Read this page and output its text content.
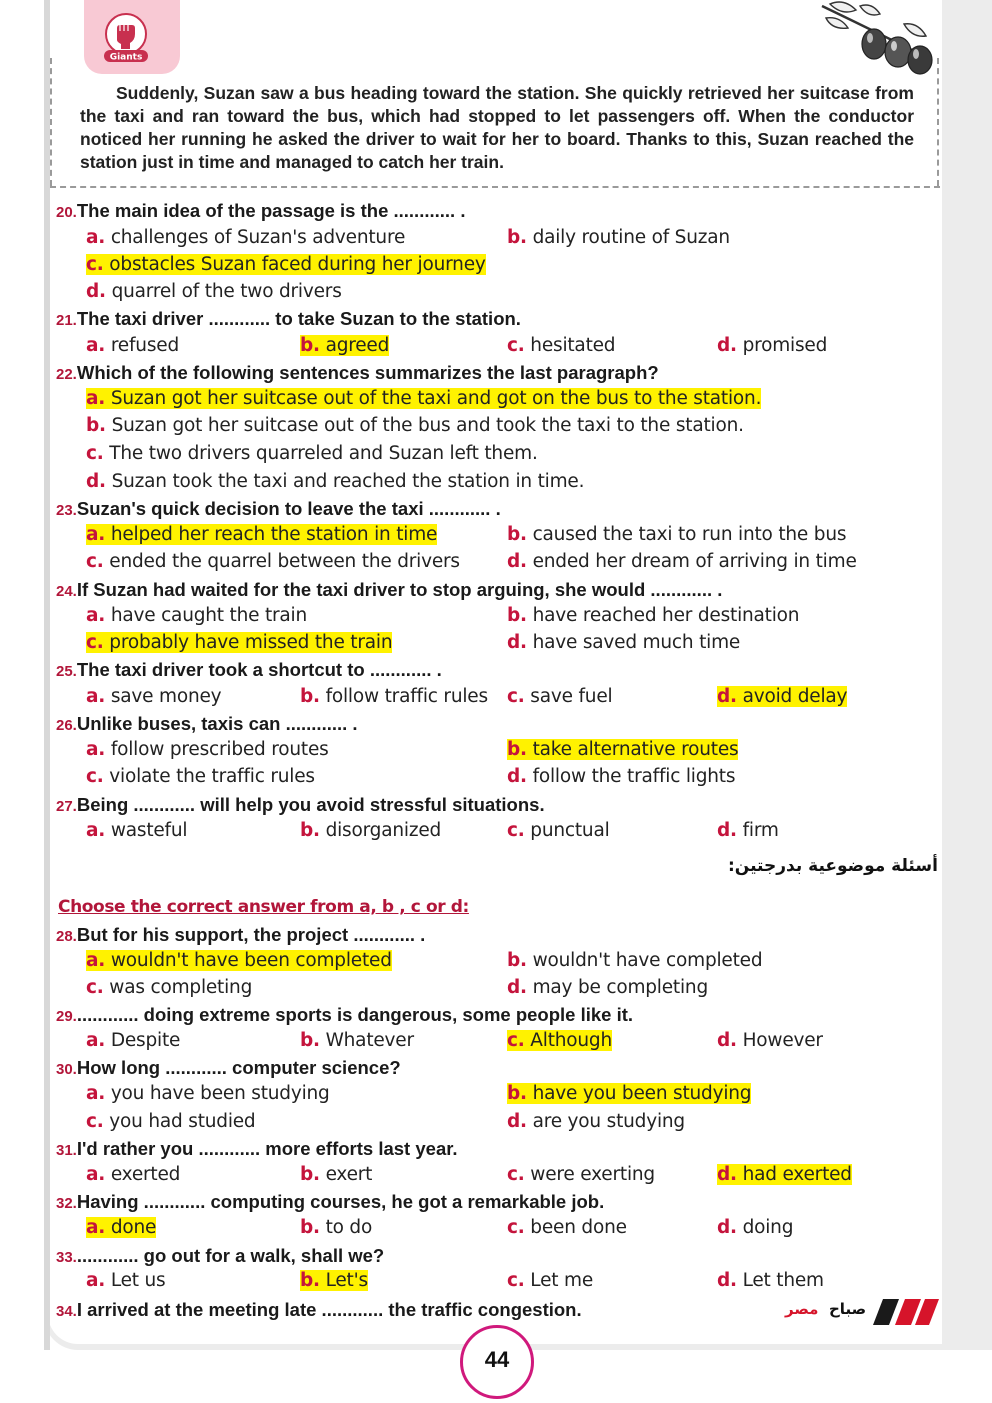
Giants

Suddenly, Suzan saw a bus heading toward the station. She quickly retrieved her suitcase from the taxi and ran toward the bus, which had stopped to let passengers off. When the conductor noticed her running he asked the driver to wait for her to board. Thanks to this, Suzan reached the station just in time and managed to catch her train.

20.The main idea of the passage is the ............ .
a. challenges of Suzan's adventure	b. daily routine of Suzan
c. obstacles Suzan faced during her journey
d. quarrel of the two drivers
21.The taxi driver ............ to take Suzan to the station.
a. refused	b. agreed	c. hesitated	d. promised
22.Which of the following sentences summarizes the last paragraph?
a. Suzan got her suitcase out of the taxi and got on the bus to the station.
b. Suzan got her suitcase out of the bus and took the taxi to the station.
c. The two drivers quarreled and Suzan left them.
d. Suzan took the taxi and reached the station in time.
23.Suzan's quick decision to leave the taxi ............ .
a. helped her reach the station in time	b. caused the taxi to run into the bus
c. ended the quarrel between the drivers	d. ended her dream of arriving in time
24.If Suzan had waited for the taxi driver to stop arguing, she would ............ .
a. have caught the train	b. have reached her destination
c. probably have missed the train	d. have saved much time
25.The taxi driver took a shortcut to ............ .
a. save money	b. follow traffic rules c. save fuel	d. avoid delay
26.Unlike buses, taxis can ............ .
a. follow prescribed routes	b. take alternative routes
c. violate the traffic rules	d. follow the traffic lights
27.Being ............ will help you avoid stressful situations.
a. wasteful	b. disorganized	c. punctual	d. firm
أسئلة موضوعية بدرجتين:
Choose the correct answer from a, b , c or d:
28.But for his support, the project ............ .
a. wouldn't have been completed	b. wouldn't have completed
c. was completing	d. may be completing
29............. doing extreme sports is dangerous, some people like it.
a. Despite	b. Whatever	c. Although	d. However
30.How long ............ computer science?
a. you have been studying	b. have you been studying
c. you had studied	d. are you studying
31.I'd rather you ............ more efforts last year.
a. exerted	b. exert	c. were exerting	d. had exerted
32.Having ............ computing courses, he got a remarkable job.
a. done	b. to do	c. been done	d. doing
33............. go out for a walk, shall we?
a. Let us	b. Let's	c. Let me	d. Let them
34.I arrived at the meeting late ............ the traffic congestion.	صباح
مصر
44
